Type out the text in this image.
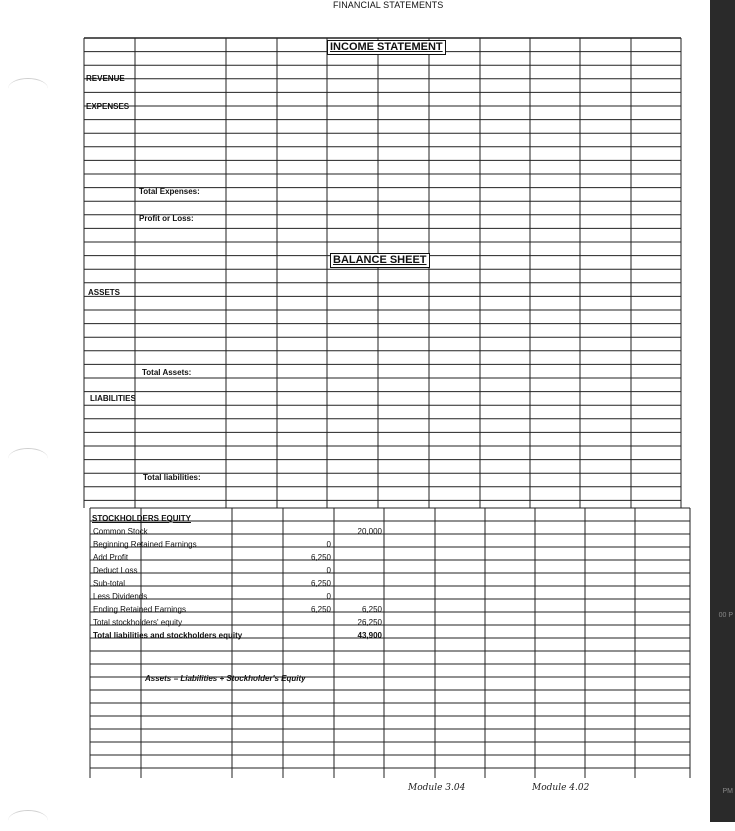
FINANCIAL STATEMENTS
INCOME STATEMENT
REVENUE
EXPENSES
Total Expenses:
Profit or Loss:
BALANCE SHEET
ASSETS
Total Assets:
LIABILITIES
Total liabilities:
STOCKHOLDERS EQUITY
Common Stock	20,000
Beginning Retained Earnings	0
Add Profit	6,250
Deduct Loss	0
Sub-total	6,250
Less Dividends	0
Ending Retained Earnings	6,250	6,250
Total stockholders' equity	26,250
Total liabilities and stockholders equity	43,900
Assets = Liabilities + Stockholder's Equity
Module 3.04	Module 4.02
00 P
PM
